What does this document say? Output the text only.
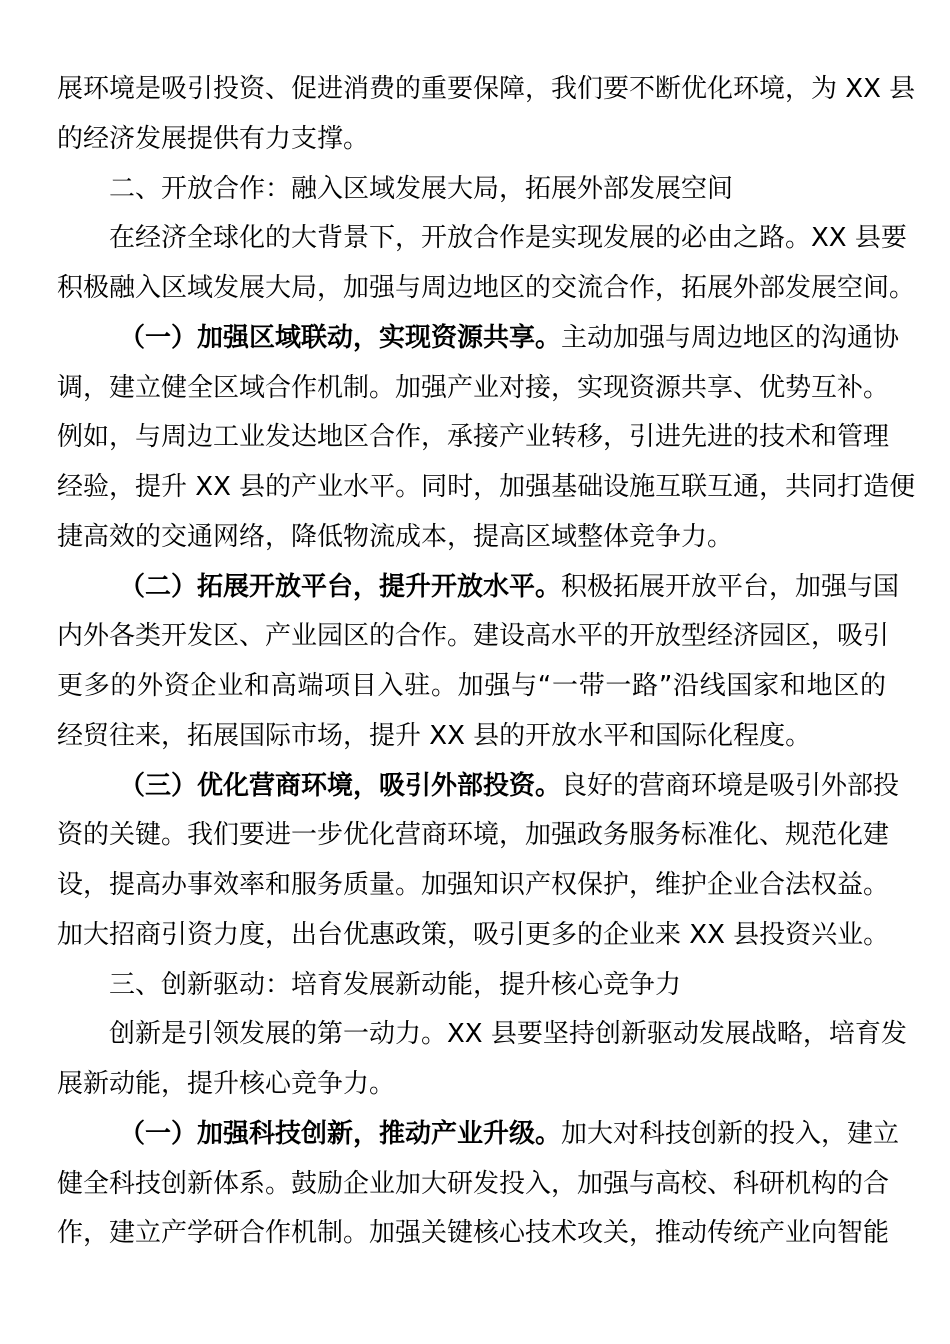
展环境是吸引投资、促进消费的重要保障，我们要不断优化环境，为 XX 县
的经济发展提供有力支撑。
二、开放合作：融入区域发展大局，拓展外部发展空间
在经济全球化的大背景下，开放合作是实现发展的必由之路。XX 县要
积极融入区域发展大局，加强与周边地区的交流合作，拓展外部发展空间。
（一）加强区域联动，实现资源共享。主动加强与周边地区的沟通协
调，建立健全区域合作机制。加强产业对接，实现资源共享、优势互补。
例如，与周边工业发达地区合作，承接产业转移，引进先进的技术和管理
经验，提升 XX 县的产业水平。同时，加强基础设施互联互通，共同打造便
捷高效的交通网络，降低物流成本，提高区域整体竞争力。
（二）拓展开放平台，提升开放水平。积极拓展开放平台，加强与国
内外各类开发区、产业园区的合作。建设高水平的开放型经济园区，吸引
更多的外资企业和高端项目入驻。加强与“一带一路”沿线国家和地区的
经贸往来，拓展国际市场，提升 XX 县的开放水平和国际化程度。
（三）优化营商环境，吸引外部投资。良好的营商环境是吸引外部投
资的关键。我们要进一步优化营商环境，加强政务服务标准化、规范化建
设，提高办事效率和服务质量。加强知识产权保护，维护企业合法权益。
加大招商引资力度，出台优惠政策，吸引更多的企业来 XX 县投资兴业。
三、创新驱动：培育发展新动能，提升核心竞争力
创新是引领发展的第一动力。XX 县要坚持创新驱动发展战略，培育发
展新动能，提升核心竞争力。
（一）加强科技创新，推动产业升级。加大对科技创新的投入，建立
健全科技创新体系。鼓励企业加大研发投入，加强与高校、科研机构的合
作，建立产学研合作机制。加强关键核心技术攻关，推动传统产业向智能
